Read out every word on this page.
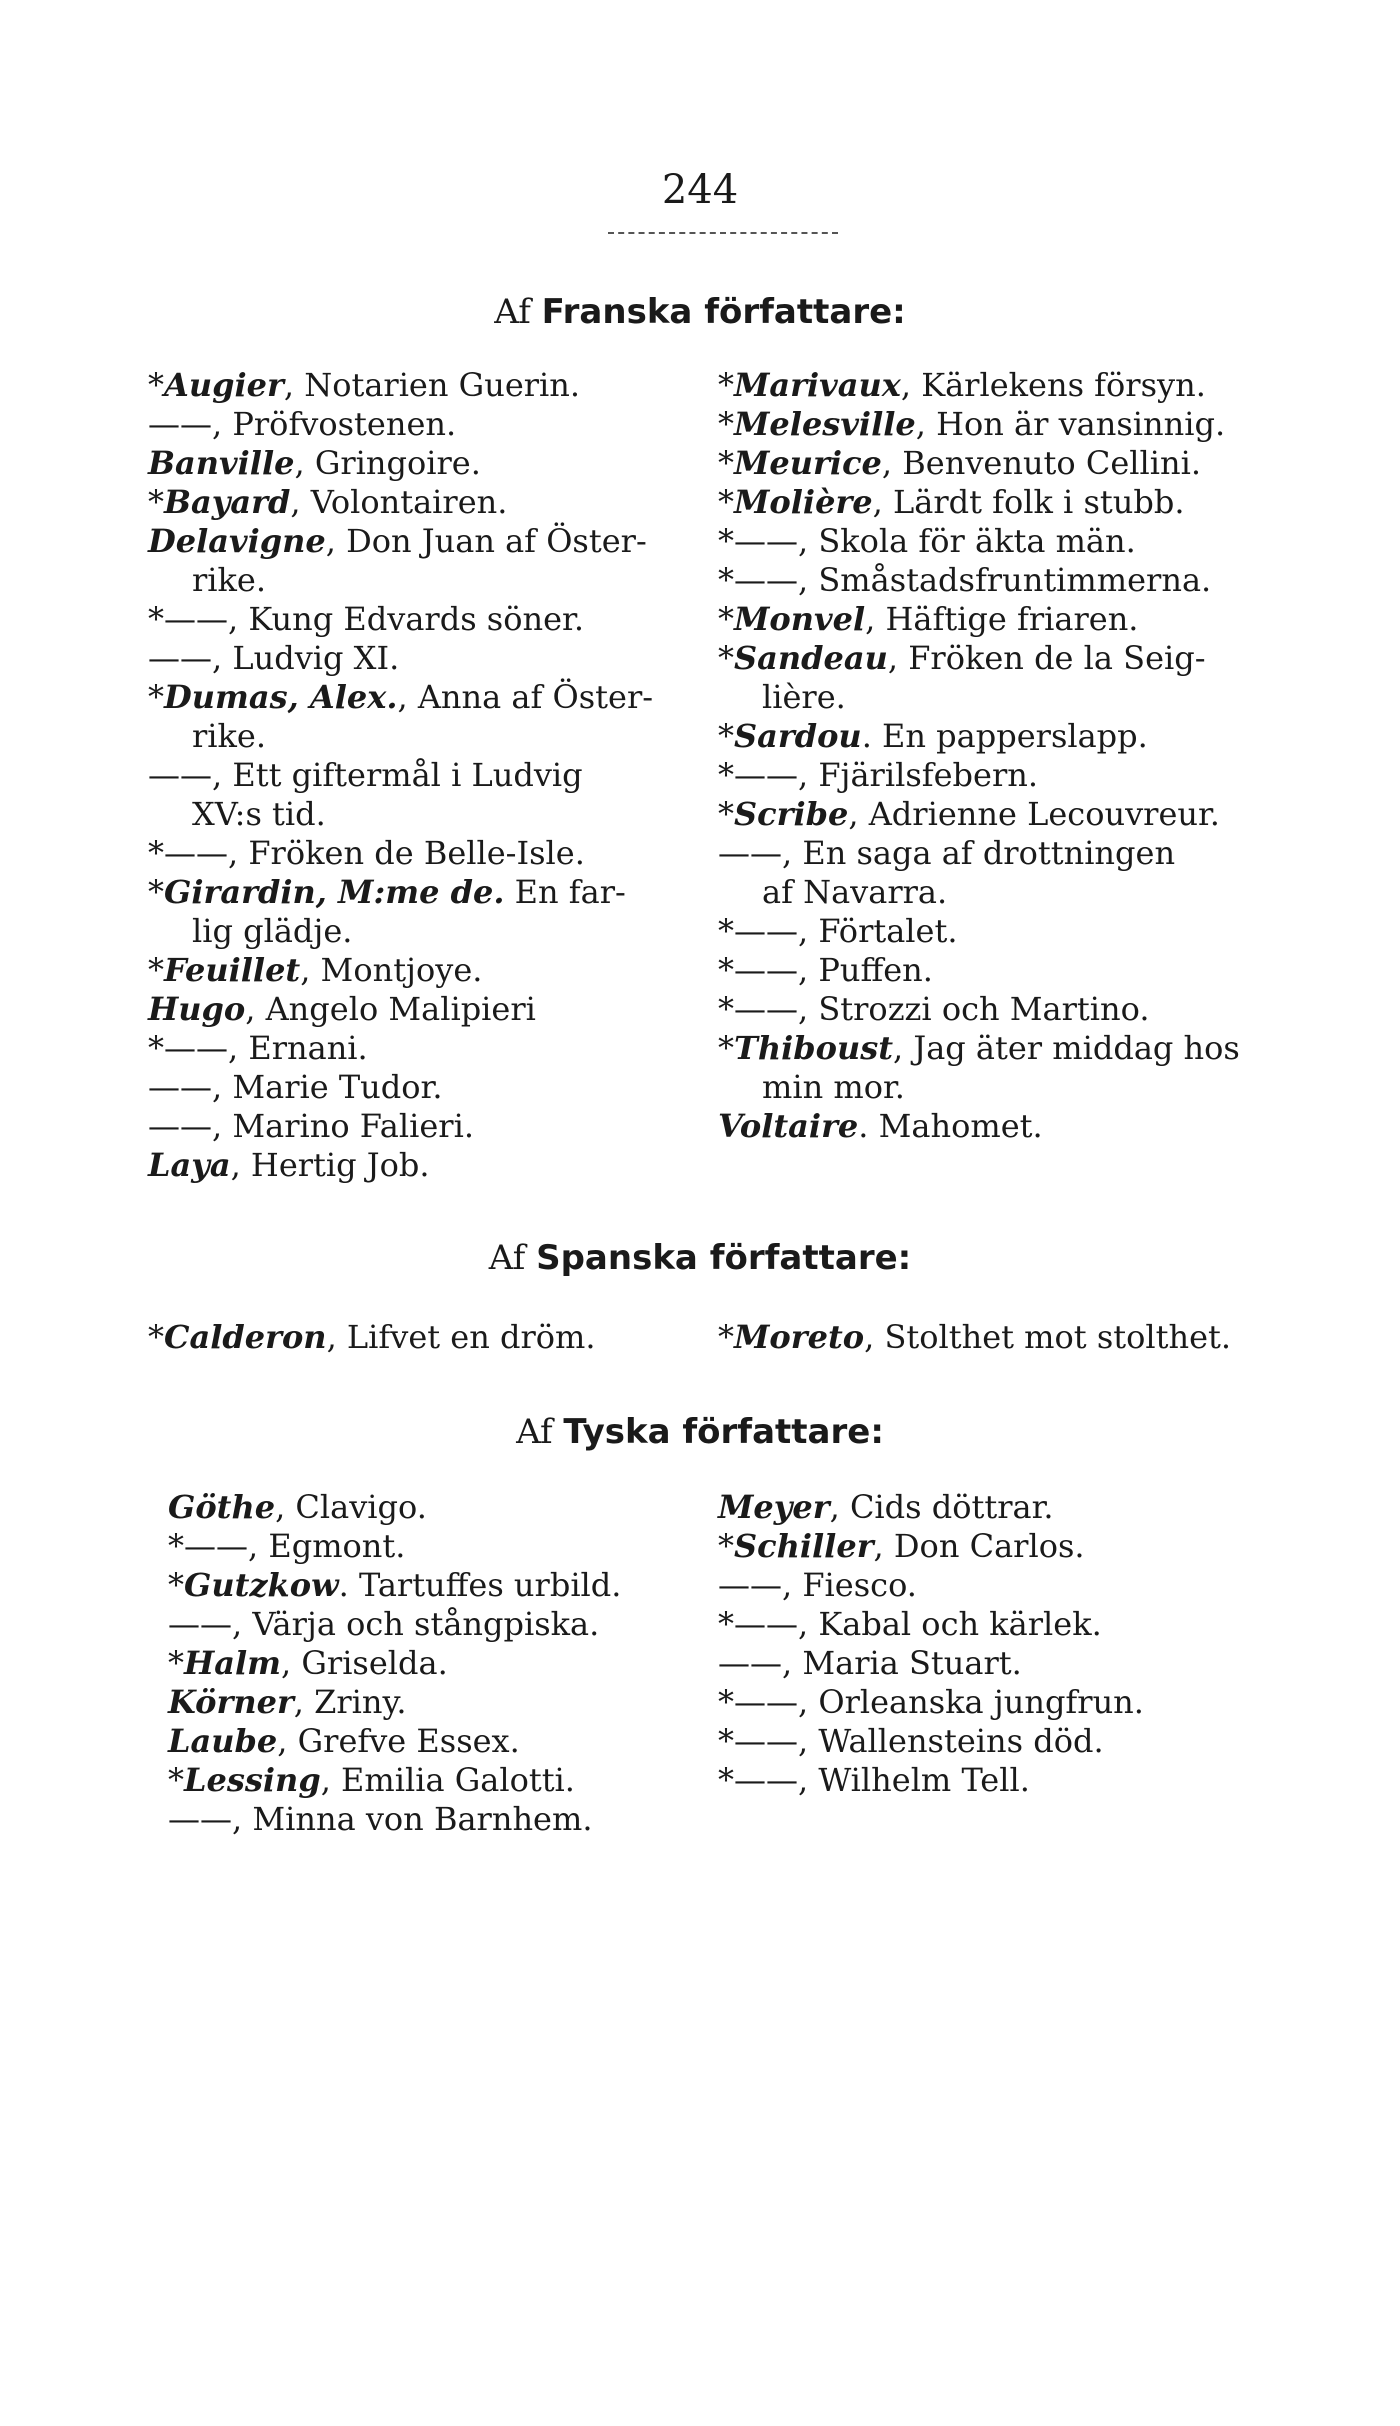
244
Af Franska författare:
*Augier, Notarien Guerin.
——, Pröfvostenen.
Banville, Gringoire.
*Bayard, Volontairen.
Delavigne, Don Juan af Öster-
rike.
*——, Kung Edvards söner.
——, Ludvig XI.
*Dumas, Alex., Anna af Öster-
rike.
——, Ett giftermål i Ludvig
XV:s tid.
*——, Fröken de Belle-Isle.
*Girardin, M:me de. En far-
lig glädje.
*Feuillet, Montjoye.
Hugo, Angelo Malipieri
*——, Ernani.
——, Marie Tudor.
——, Marino Falieri.
Laya, Hertig Job.
*Marivaux, Kärlekens försyn.
*Melesville, Hon är vansinnig.
*Meurice, Benvenuto Cellini.
*Molière, Lärdt folk i stubb.
*——, Skola för äkta män.
*——, Småstadsfruntimmerna.
*Monvel, Häftige friaren.
*Sandeau, Fröken de la Seig-
lière.
*Sardou. En papperslapp.
*——, Fjärilsfebern.
*Scribe, Adrienne Lecouvreur.
——, En saga af drottningen
af Navarra.
*——, Förtalet.
*——, Puffen.
*——, Strozzi och Martino.
*Thiboust, Jag äter middag hos
min mor.
Voltaire. Mahomet.
Af Spanska författare:
*Calderon, Lifvet en dröm.	*Moreto, Stolthet mot stolthet.
Af Tyska författare:
Göthe, Clavigo.
*——, Egmont.
*Gutzkow. Tartuffes urbild.
——, Värja och stångpiska.
*Halm, Griselda.
Körner, Zriny.
Laube, Grefve Essex.
*Lessing, Emilia Galotti.
——, Minna von Barnhem.
Meyer, Cids döttrar.
*Schiller, Don Carlos.
——, Fiesco.
*——, Kabal och kärlek.
——, Maria Stuart.
*——, Orleanska jungfrun.
*——, Wallensteins död.
*——, Wilhelm Tell.
